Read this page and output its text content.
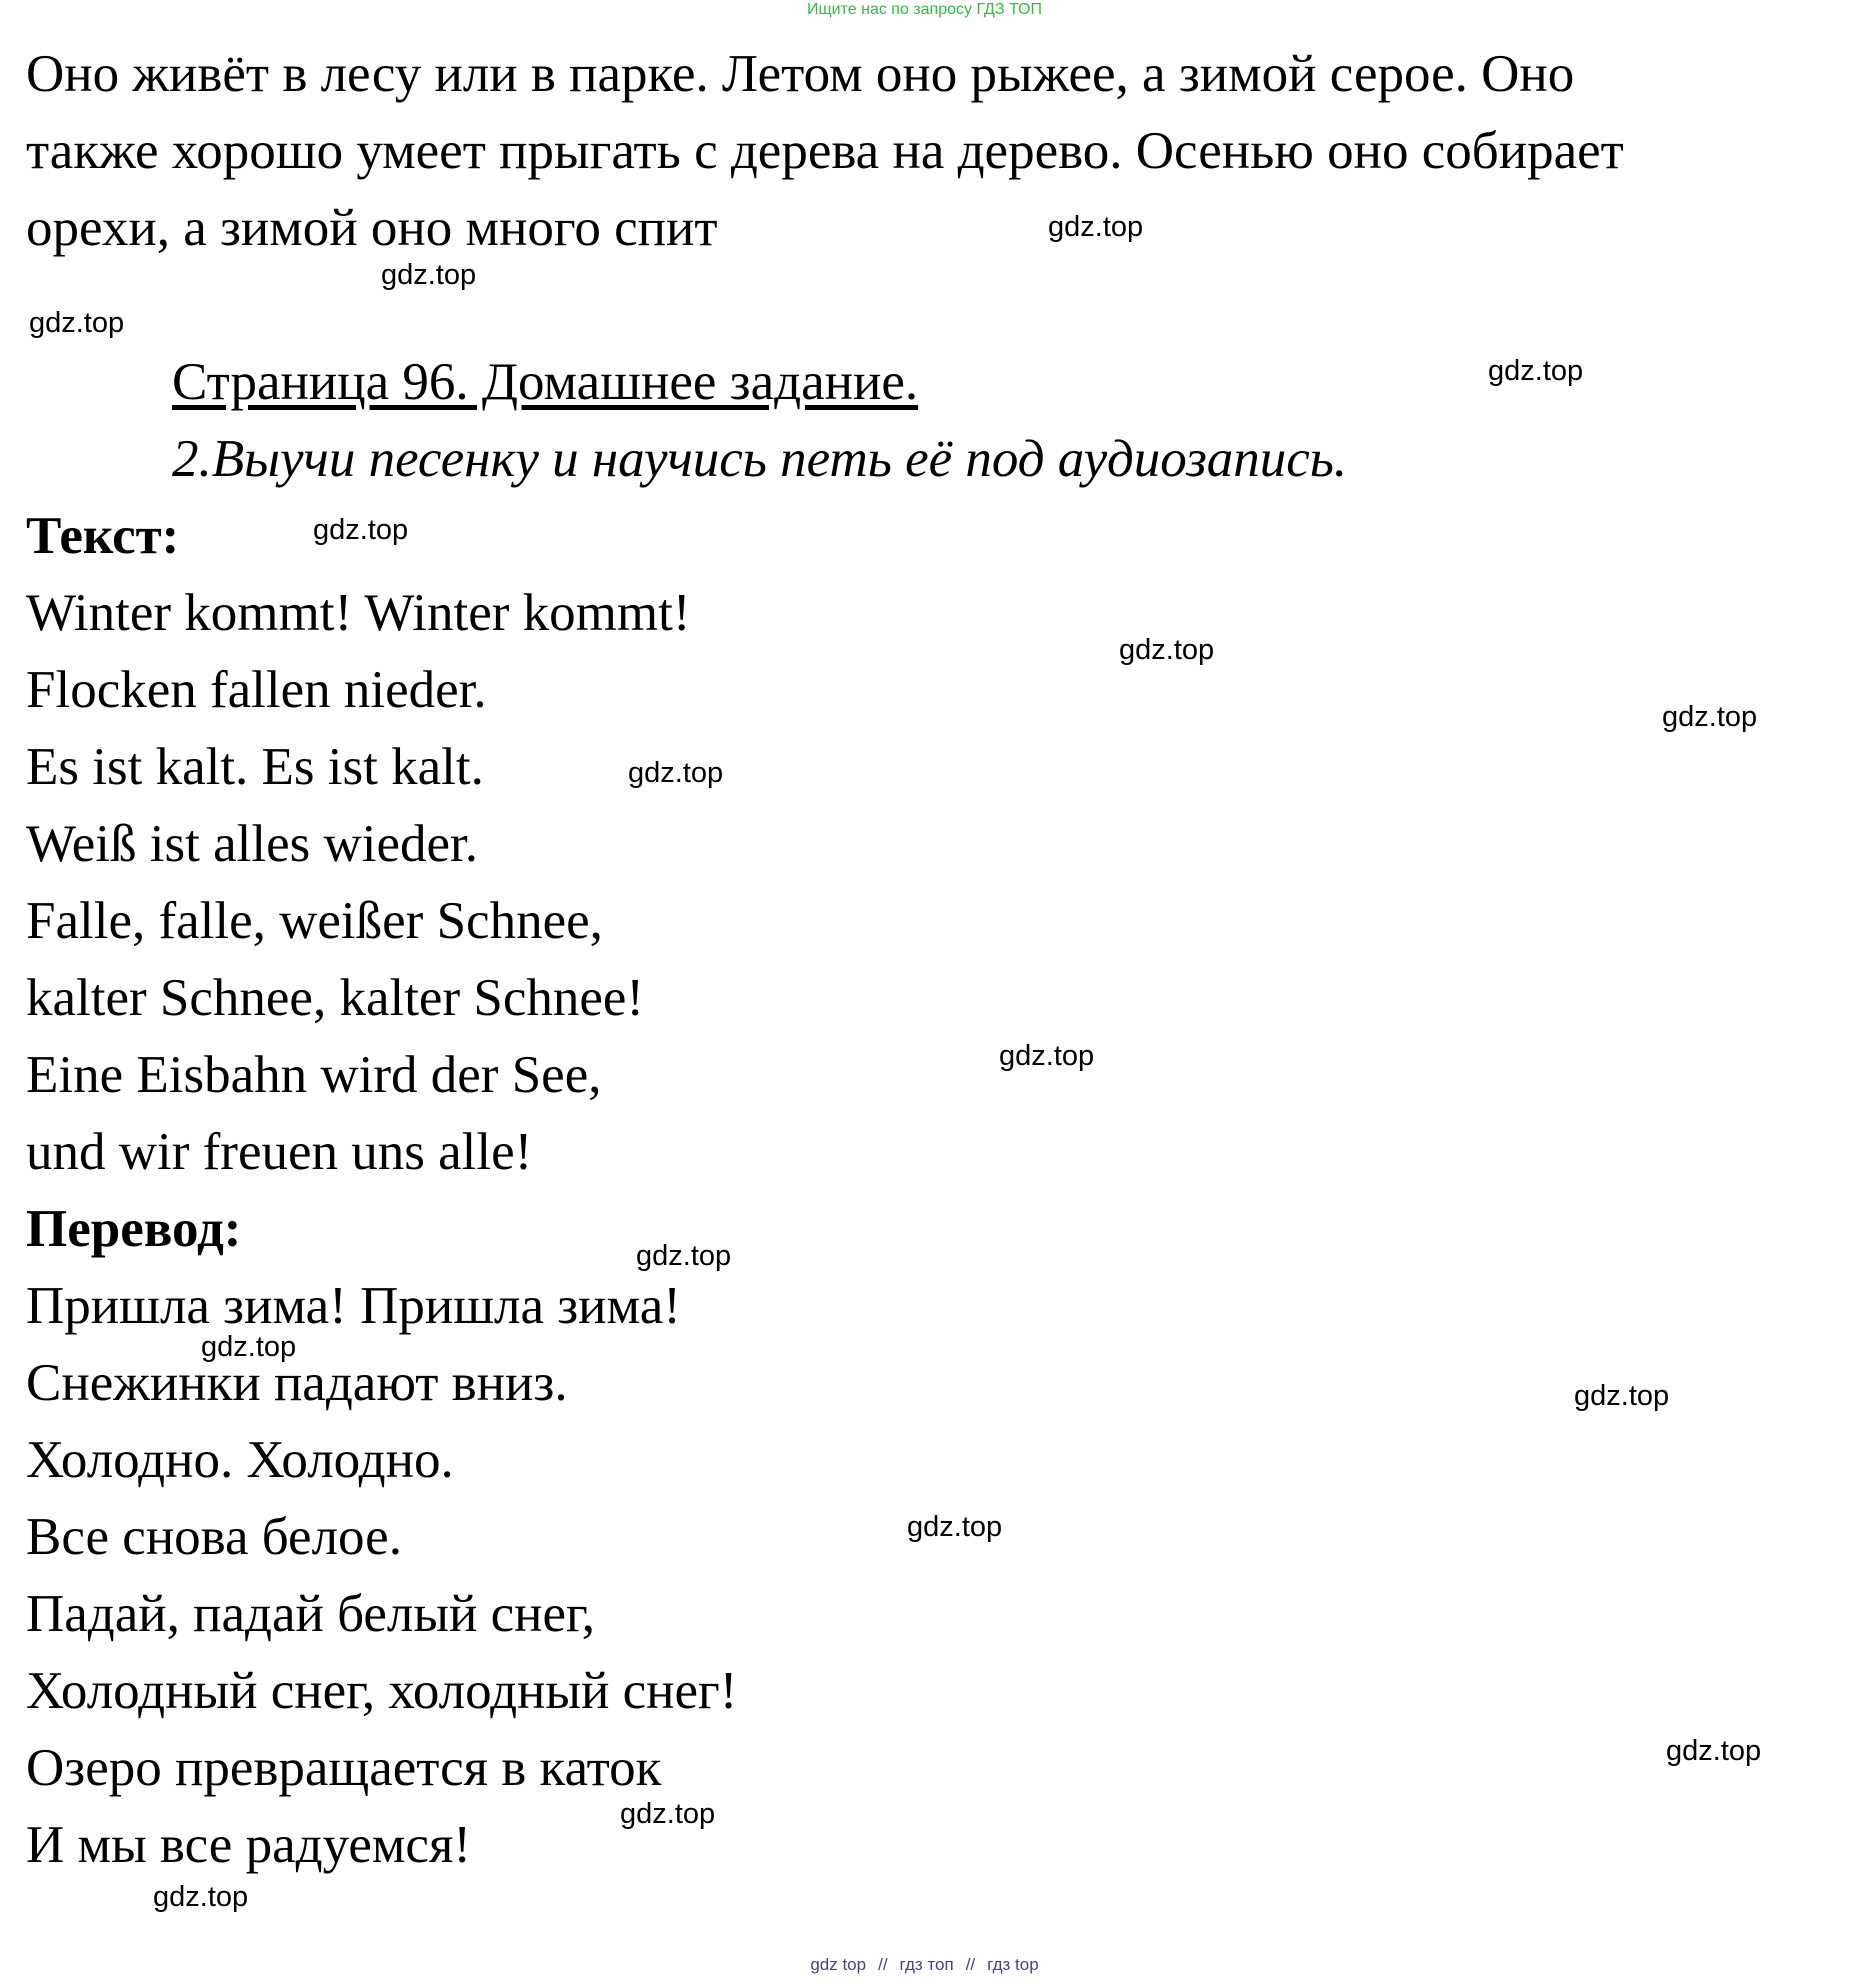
Ищите нас по запросу ГДЗ ТОП
Оно живёт в лесу или в парке. Летом оно рыжее, а зимой серое. Оно
также хорошо умеет прыгать с дерева на дерево. Осенью оно собирает
орехи, а зимой оно много спит
Страница 96. Домашнее задание.
2.Выучи песенку и научись петь её под аудиозапись.
Текст:
Winter kommt! Winter kommt!
Flocken fallen nieder.
Es ist kalt. Es ist kalt.
Weiß ist alles wieder.
Falle, falle, weißer Schnee,
kalter Schnee, kalter Schnee!
Eine Eisbahn wird der See,
und wir freuen uns alle!
Перевод:
Пришла зима! Пришла зима!
Снежинки падают вниз.
Холодно. Холодно.
Все снова белое.
Падай, падай белый снег,
Холодный снег, холодный снег!
Озеро превращается в каток
И мы все радуемся!
gdz.top
gdz.top
gdz.top
gdz.top
gdz.top
gdz.top
gdz.top
gdz.top
gdz.top
gdz.top
gdz.top
gdz.top
gdz.top
gdz.top
gdz.top
gdz.top
gdz top // гдз топ // гдз top
